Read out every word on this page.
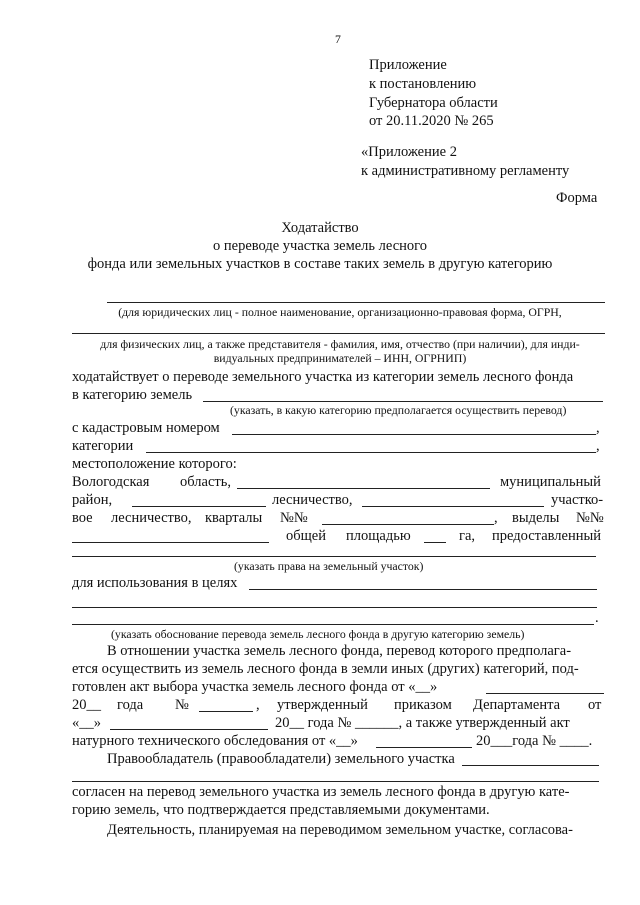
7
Приложение
к постановлению
Губернатора области
от 20.11.2020 № 265
«Приложение 2
к административному регламенту
Форма
Ходатайство
о переводе участка земель лесного
фонда или земельных участков в составе таких земель в другую категорию
(для юридических лиц - полное наименование, организационно-правовая форма, ОГРН,
для физических лиц, а также представителя - фамилия, имя, отчество (при наличии), для инди-
видуальных предпринимателей – ИНН, ОГРНИП)
ходатайствует о переводе земельного участка из категории земель лесного фонда
в категорию земель
(указать, в какую категорию предполагается осуществить перевод)
с кадастровым номером	,
категории	,
местоположение которого:
Вологодская область,	муниципальный
район,	лесничество,	участко-
вое лесничество, кварталы №№	, выделы №№
общей площадью	га, предоставленный
(указать права на земельный участок)
для использования в целях
.
(указать обоснование перевода земель лесного фонда в другую категорию земель)
В отношении участка земель лесного фонда, перевод которого предполага-
ется осуществить из земель лесного фонда в земли иных (других) категорий, под-
готовлен акт выбора участка земель лесного фонда от «__»
20__ года №	, утвержденный приказом Департамента от
«__»	20__ года № ______, а также утвержденный акт
натурного технического обследования от «__»	20___года № ____.
Правообладатель (правообладатели) земельного участка
согласен на перевод земельного участка из земель лесного фонда в другую кате-
горию земель, что подтверждается представляемыми документами.
Деятельность, планируемая на переводимом земельном участке, согласова-
